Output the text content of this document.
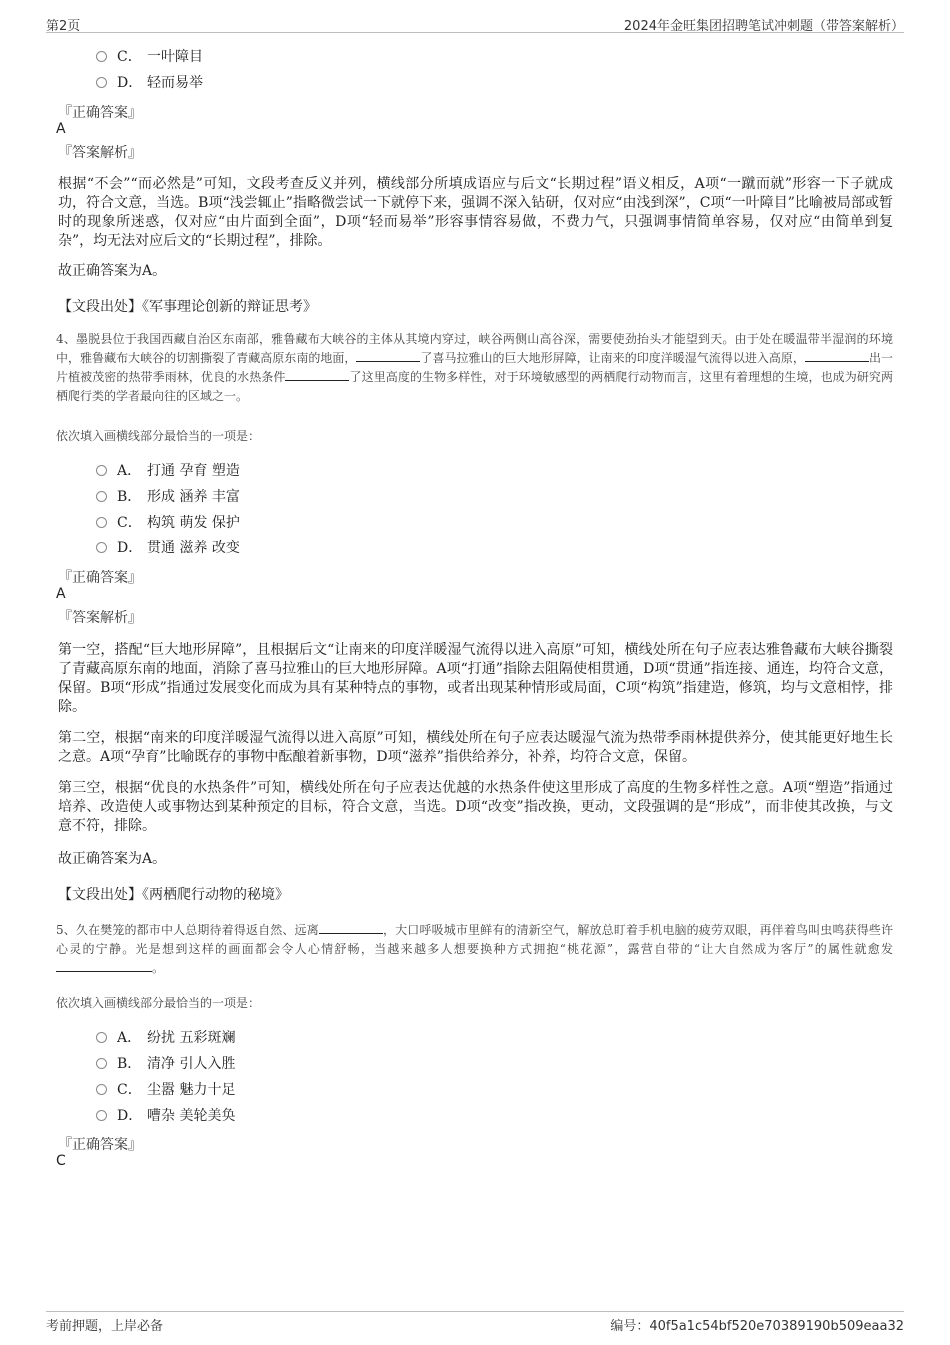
第2页	2024年金旺集团招聘笔试冲刺题（带答案解析）
C． 一叶障目
D． 轻而易举
『正确答案』
A
『答案解析』
根据“不会”“而必然是”可知，文段考查反义并列，横线部分所填成语应与后文“长期过程”语义相反，A项“一蹴而就”形容一下子就成功，符合文意，当选。B项“浅尝辄止”指略微尝试一下就停下来，强调不深入钻研，仅对应“由浅到深”，C项“一叶障目”比喻被局部或暂时的现象所迷惑，仅对应“由片面到全面”，D项“轻而易举”形容事情容易做，不费力气，只强调事情简单容易，仅对应“由简单到复杂”，均无法对应后文的“长期过程”，排除。
故正确答案为A。
【文段出处】《军事理论创新的辩证思考》
4、墨脱县位于我国西藏自治区东南部，雅鲁藏布大峡谷的主体从其境内穿过，峡谷两侧山高谷深，需要使劲抬头才能望到天。由于处在暖温带半湿润的环境中，雅鲁藏布大峡谷的切割撕裂了青藏高原东南的地面，	了喜马拉雅山的巨大地形屏障，让南来的印度洋暖湿气流得以进入高原，	出一片植被茂密的热带季雨林，优良的水热条件	了这里高度的生物多样性，对于环境敏感型的两栖爬行动物而言，这里有着理想的生境，也成为研究两栖爬行类的学者最向往的区域之一。
依次填入画横线部分最恰当的一项是：
A． 打通 孕育 塑造
B． 形成 涵养 丰富
C． 构筑 萌发 保护
D． 贯通 滋养 改变
『正确答案』
A
『答案解析』
第一空，搭配“巨大地形屏障”，且根据后文“让南来的印度洋暖湿气流得以进入高原”可知，横线处所在句子应表达雅鲁藏布大峡谷撕裂了青藏高原东南的地面，消除了喜马拉雅山的巨大地形屏障。A项“打通”指除去阻隔使相贯通，D项“贯通”指连接、通连，均符合文意，保留。B项“形成”指通过发展变化而成为具有某种特点的事物，或者出现某种情形或局面，C项“构筑”指建造，修筑，均与文意相悖，排除。
第二空，根据“南来的印度洋暖湿气流得以进入高原”可知，横线处所在句子应表达暖湿气流为热带季雨林提供养分，使其能更好地生长之意。A项“孕育”比喻既存的事物中酝酿着新事物，D项“滋养”指供给养分，补养，均符合文意，保留。
第三空，根据“优良的水热条件”可知，横线处所在句子应表达优越的水热条件使这里形成了高度的生物多样性之意。A项“塑造”指通过培养、改造使人或事物达到某种预定的目标，符合文意，当选。D项“改变”指改换，更动，文段强调的是“形成”，而非使其改换，与文意不符，排除。
故正确答案为A。
【文段出处】《两栖爬行动物的秘境》
5、久在樊笼的都市中人总期待着得返自然、远离	，大口呼吸城市里鲜有的清新空气，解放总盯着手机电脑的疲劳双眼，再伴着鸟叫虫鸣获得些许心灵的宁静。光是想到这样的画面都会令人心情舒畅，当越来越多人想要换种方式拥抱“桃花源”，露营自带的“让大自然成为客厅”的属性就愈发。
依次填入画横线部分最恰当的一项是：
A． 纷扰 五彩斑斓
B． 清净 引人入胜
C． 尘嚣 魅力十足
D． 嘈杂 美轮美奂
『正确答案』
C
考前押题，上岸必备	编号：40f5a1c54bf520e70389190b509eaa32
